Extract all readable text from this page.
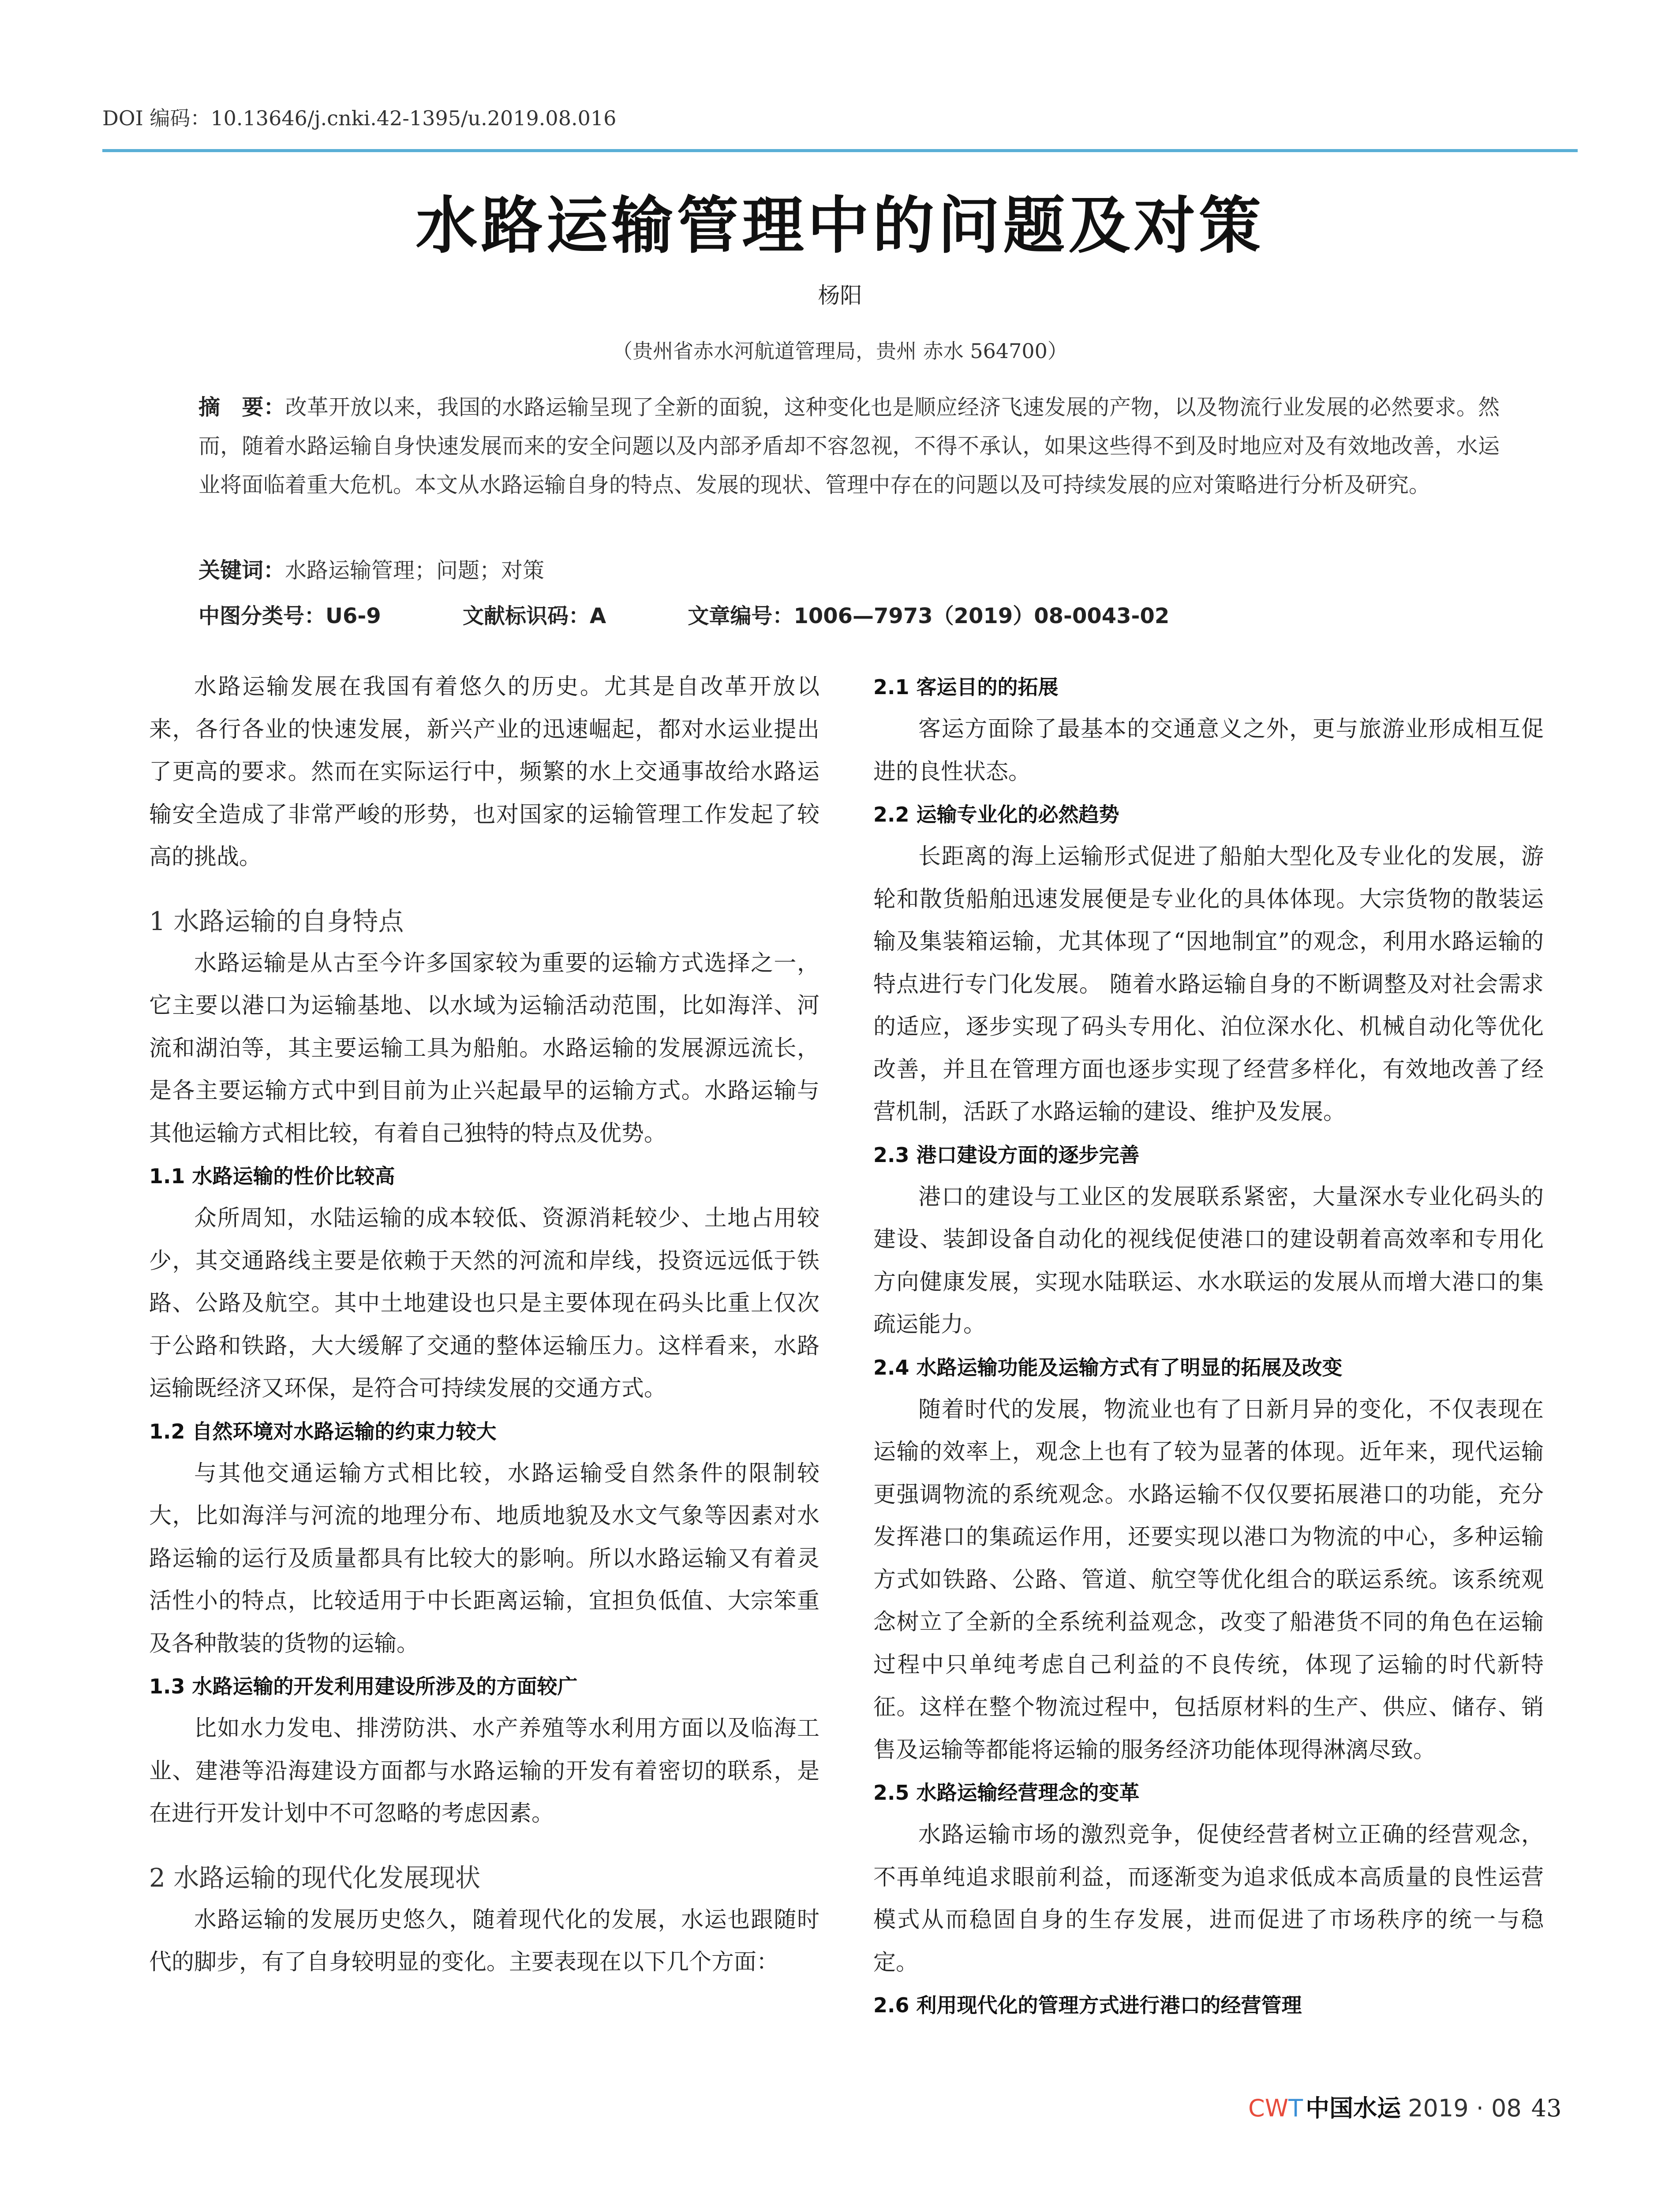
DOI 编码：10.13646/j.cnki.42-1395/u.2019.08.016
水路运输管理中的问题及对策
杨阳
（贵州省赤水河航道管理局，贵州 赤水 564700）
摘　要：改革开放以来，我国的水路运输呈现了全新的面貌，这种变化也是顺应经济飞速发展的产物，以及物流行业发展的必然要求。然而，随着水路运输自身快速发展而来的安全问题以及内部矛盾却不容忽视，不得不承认，如果这些得不到及时地应对及有效地改善，水运业将面临着重大危机。本文从水路运输自身的特点、发展的现状、管理中存在的问题以及可持续发展的应对策略进行分析及研究。
关键词：水路运输管理；问题；对策
中图分类号：U6-9	文献标识码：A	文章编号：1006—7973（2019）08-0043-02

水路运输发展在我国有着悠久的历史。尤其是自改革开放以来，各行各业的快速发展，新兴产业的迅速崛起，都对水运业提出了更高的要求。然而在实际运行中，频繁的水上交通事故给水路运输安全造成了非常严峻的形势，也对国家的运输管理工作发起了较高的挑战。

1 水路运输的自身特点

水路运输是从古至今许多国家较为重要的运输方式选择之一，它主要以港口为运输基地、以水域为运输活动范围，比如海洋、河流和湖泊等，其主要运输工具为船舶。水路运输的发展源远流长，是各主要运输方式中到目前为止兴起最早的运输方式。水路运输与其他运输方式相比较，有着自己独特的特点及优势。

1.1 水路运输的性价比较高

众所周知，水陆运输的成本较低、资源消耗较少、土地占用较少，其交通路线主要是依赖于天然的河流和岸线，投资远远低于铁路、公路及航空。其中土地建设也只是主要体现在码头比重上仅次于公路和铁路，大大缓解了交通的整体运输压力。这样看来，水路运输既经济又环保，是符合可持续发展的交通方式。

1.2 自然环境对水路运输的约束力较大

与其他交通运输方式相比较，水路运输受自然条件的限制较大，比如海洋与河流的地理分布、地质地貌及水文气象等因素对水路运输的运行及质量都具有比较大的影响。所以水路运输又有着灵活性小的特点，比较适用于中长距离运输，宜担负低值、大宗笨重及各种散装的货物的运输。

1.3 水路运输的开发利用建设所涉及的方面较广

比如水力发电、排涝防洪、水产养殖等水利用方面以及临海工业、建港等沿海建设方面都与水路运输的开发有着密切的联系，是在进行开发计划中不可忽略的考虑因素。

2 水路运输的现代化发展现状

水路运输的发展历史悠久，随着现代化的发展，水运也跟随时代的脚步，有了自身较明显的变化。主要表现在以下几个方面：

2.1 客运目的的拓展

客运方面除了最基本的交通意义之外，更与旅游业形成相互促进的良性状态。

2.2 运输专业化的必然趋势

长距离的海上运输形式促进了船舶大型化及专业化的发展，游轮和散货船舶迅速发展便是专业化的具体体现。大宗货物的散装运输及集装箱运输，尤其体现了“因地制宜”的观念，利用水路运输的特点进行专门化发展。 随着水路运输自身的不断调整及对社会需求的适应，逐步实现了码头专用化、泊位深水化、机械自动化等优化改善，并且在管理方面也逐步实现了经营多样化，有效地改善了经营机制，活跃了水路运输的建设、维护及发展。

2.3 港口建设方面的逐步完善

港口的建设与工业区的发展联系紧密，大量深水专业化码头的建设、装卸设备自动化的视线促使港口的建设朝着高效率和专用化方向健康发展，实现水陆联运、水水联运的发展从而增大港口的集疏运能力。

2.4 水路运输功能及运输方式有了明显的拓展及改变

随着时代的发展，物流业也有了日新月异的变化，不仅表现在运输的效率上，观念上也有了较为显著的体现。近年来，现代运输更强调物流的系统观念。水路运输不仅仅要拓展港口的功能，充分发挥港口的集疏运作用，还要实现以港口为物流的中心，多种运输方式如铁路、公路、管道、航空等优化组合的联运系统。该系统观念树立了全新的全系统利益观念，改变了船港货不同的角色在运输过程中只单纯考虑自己利益的不良传统，体现了运输的时代新特征。这样在整个物流过程中，包括原材料的生产、供应、储存、销售及运输等都能将运输的服务经济功能体现得淋漓尽致。

2.5 水路运输经营理念的变革

水路运输市场的激烈竞争，促使经营者树立正确的经营观念，不再单纯追求眼前利益，而逐渐变为追求低成本高质量的良性运营模式从而稳固自身的生存发展，进而促进了市场秩序的统一与稳定。

2.6 利用现代化的管理方式进行港口的经营管理
CWT 中国水运 2019 · 08 43
